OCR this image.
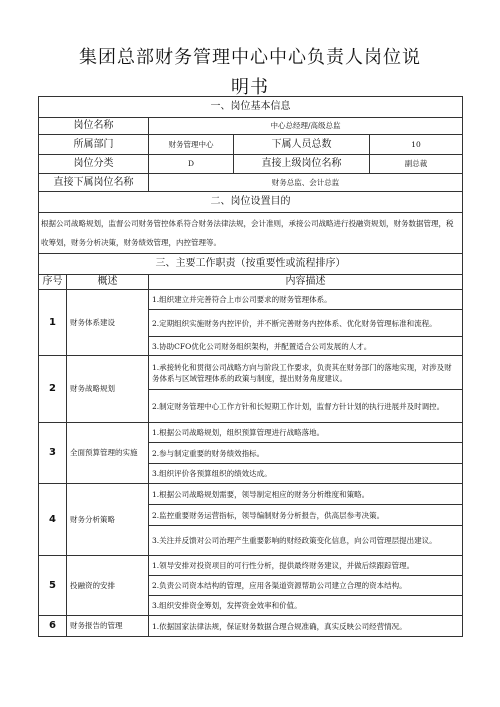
集团总部财务管理中心中心负责人岗位说
明书
一、岗位基本信息				
岗位名称		中心总经理/高级总监		
所属部门		财务管理中心	下属人员总数	10
岗位分类		D	直接上级岗位名称	副总裁
直接下属岗位名称		财务总监、会计总监		
二、岗位设置目的				
根据公司战略规划，监督公司财务管控体系符合财务法律法规，会计准则，承接公司战略进行投融资规划，财务数据管理，税收筹划，财务分析决策，财务绩效管理，内控管理等。				
三、主要工作职责（按重要性或流程排序）				
序号	概述	内容描述		
1	财务体系建设	1.组织建立并完善符合上市公司要求的财务管理体系。		
		2.定期组织实施财务内控评价，并不断完善财务内控体系、优化财务管理标准和流程。		
		3.协助CFO优化公司财务组织架构，并配置适合公司发展的人才。		
2	财务战略规划	1.承接转化和贯彻公司战略方向与阶段工作要求，负责其在财务部门的落地实现，对涉及财务体系与区域管理体系的政策与制度，提出财务角度建议。		
		2.制定财务管理中心工作方针和长短期工作计划，监督方针计划的执行进展并及时调控。		
3	全面预算管理的实施	1.根据公司战略规划，组织预算管理进行战略落地。		
		2.参与制定重要的财务绩效指标。		
		3.组织评价各预算组织的绩效达成。		
4	财务分析策略	1.根据公司战略规划需要，领导制定相应的财务分析维度和策略。		
		2.监控重要财务运营指标，领导编制财务分析报告，供高层参考决策。		
		3.关注并反馈对公司治理产生重要影响的财经政策变化信息，向公司管理层提出建议。		
5	投融资的安排	1.领导安排对投资项目的可行性分析，提供最终财务建议，并做后续跟踪管理。		
		2.负责公司资本结构的管理，应用各渠道资源帮助公司建立合理的资本结构。		
		3.组织安排资金筹划，发挥资金效率和价值。		
6	财务报告的管理	1.依据国家法律法规，保证财务数据合理合规准确，真实反映公司经营情况。		
